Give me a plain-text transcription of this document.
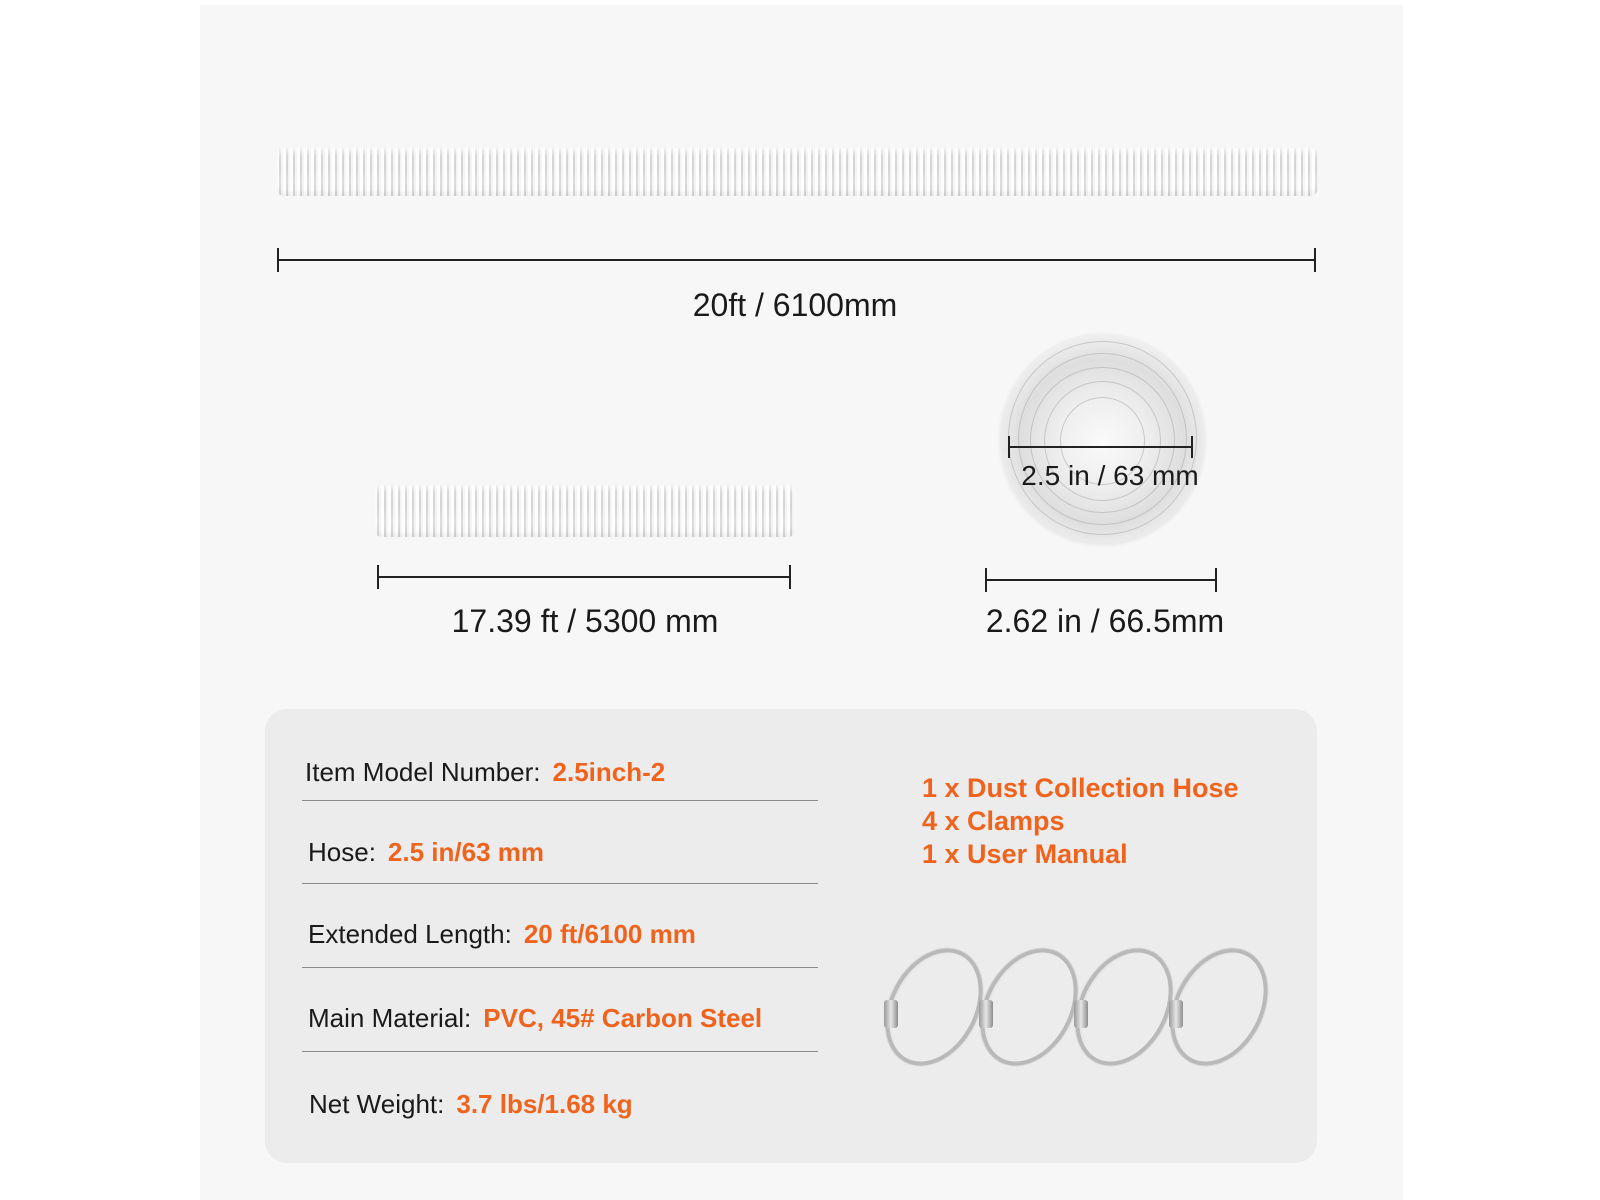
20ft / 6100mm
17.39 ft / 5300 mm
2.5 in / 63 mm
2.62 in / 66.5mm
Item Model Number: 2.5inch-2
Hose: 2.5 in/63 mm
Extended Length: 20 ft/6100 mm
Main Material: PVC, 45# Carbon Steel
Net Weight: 3.7 lbs/1.68 kg
1 x Dust Collection Hose
4 x Clamps
1 x User Manual
